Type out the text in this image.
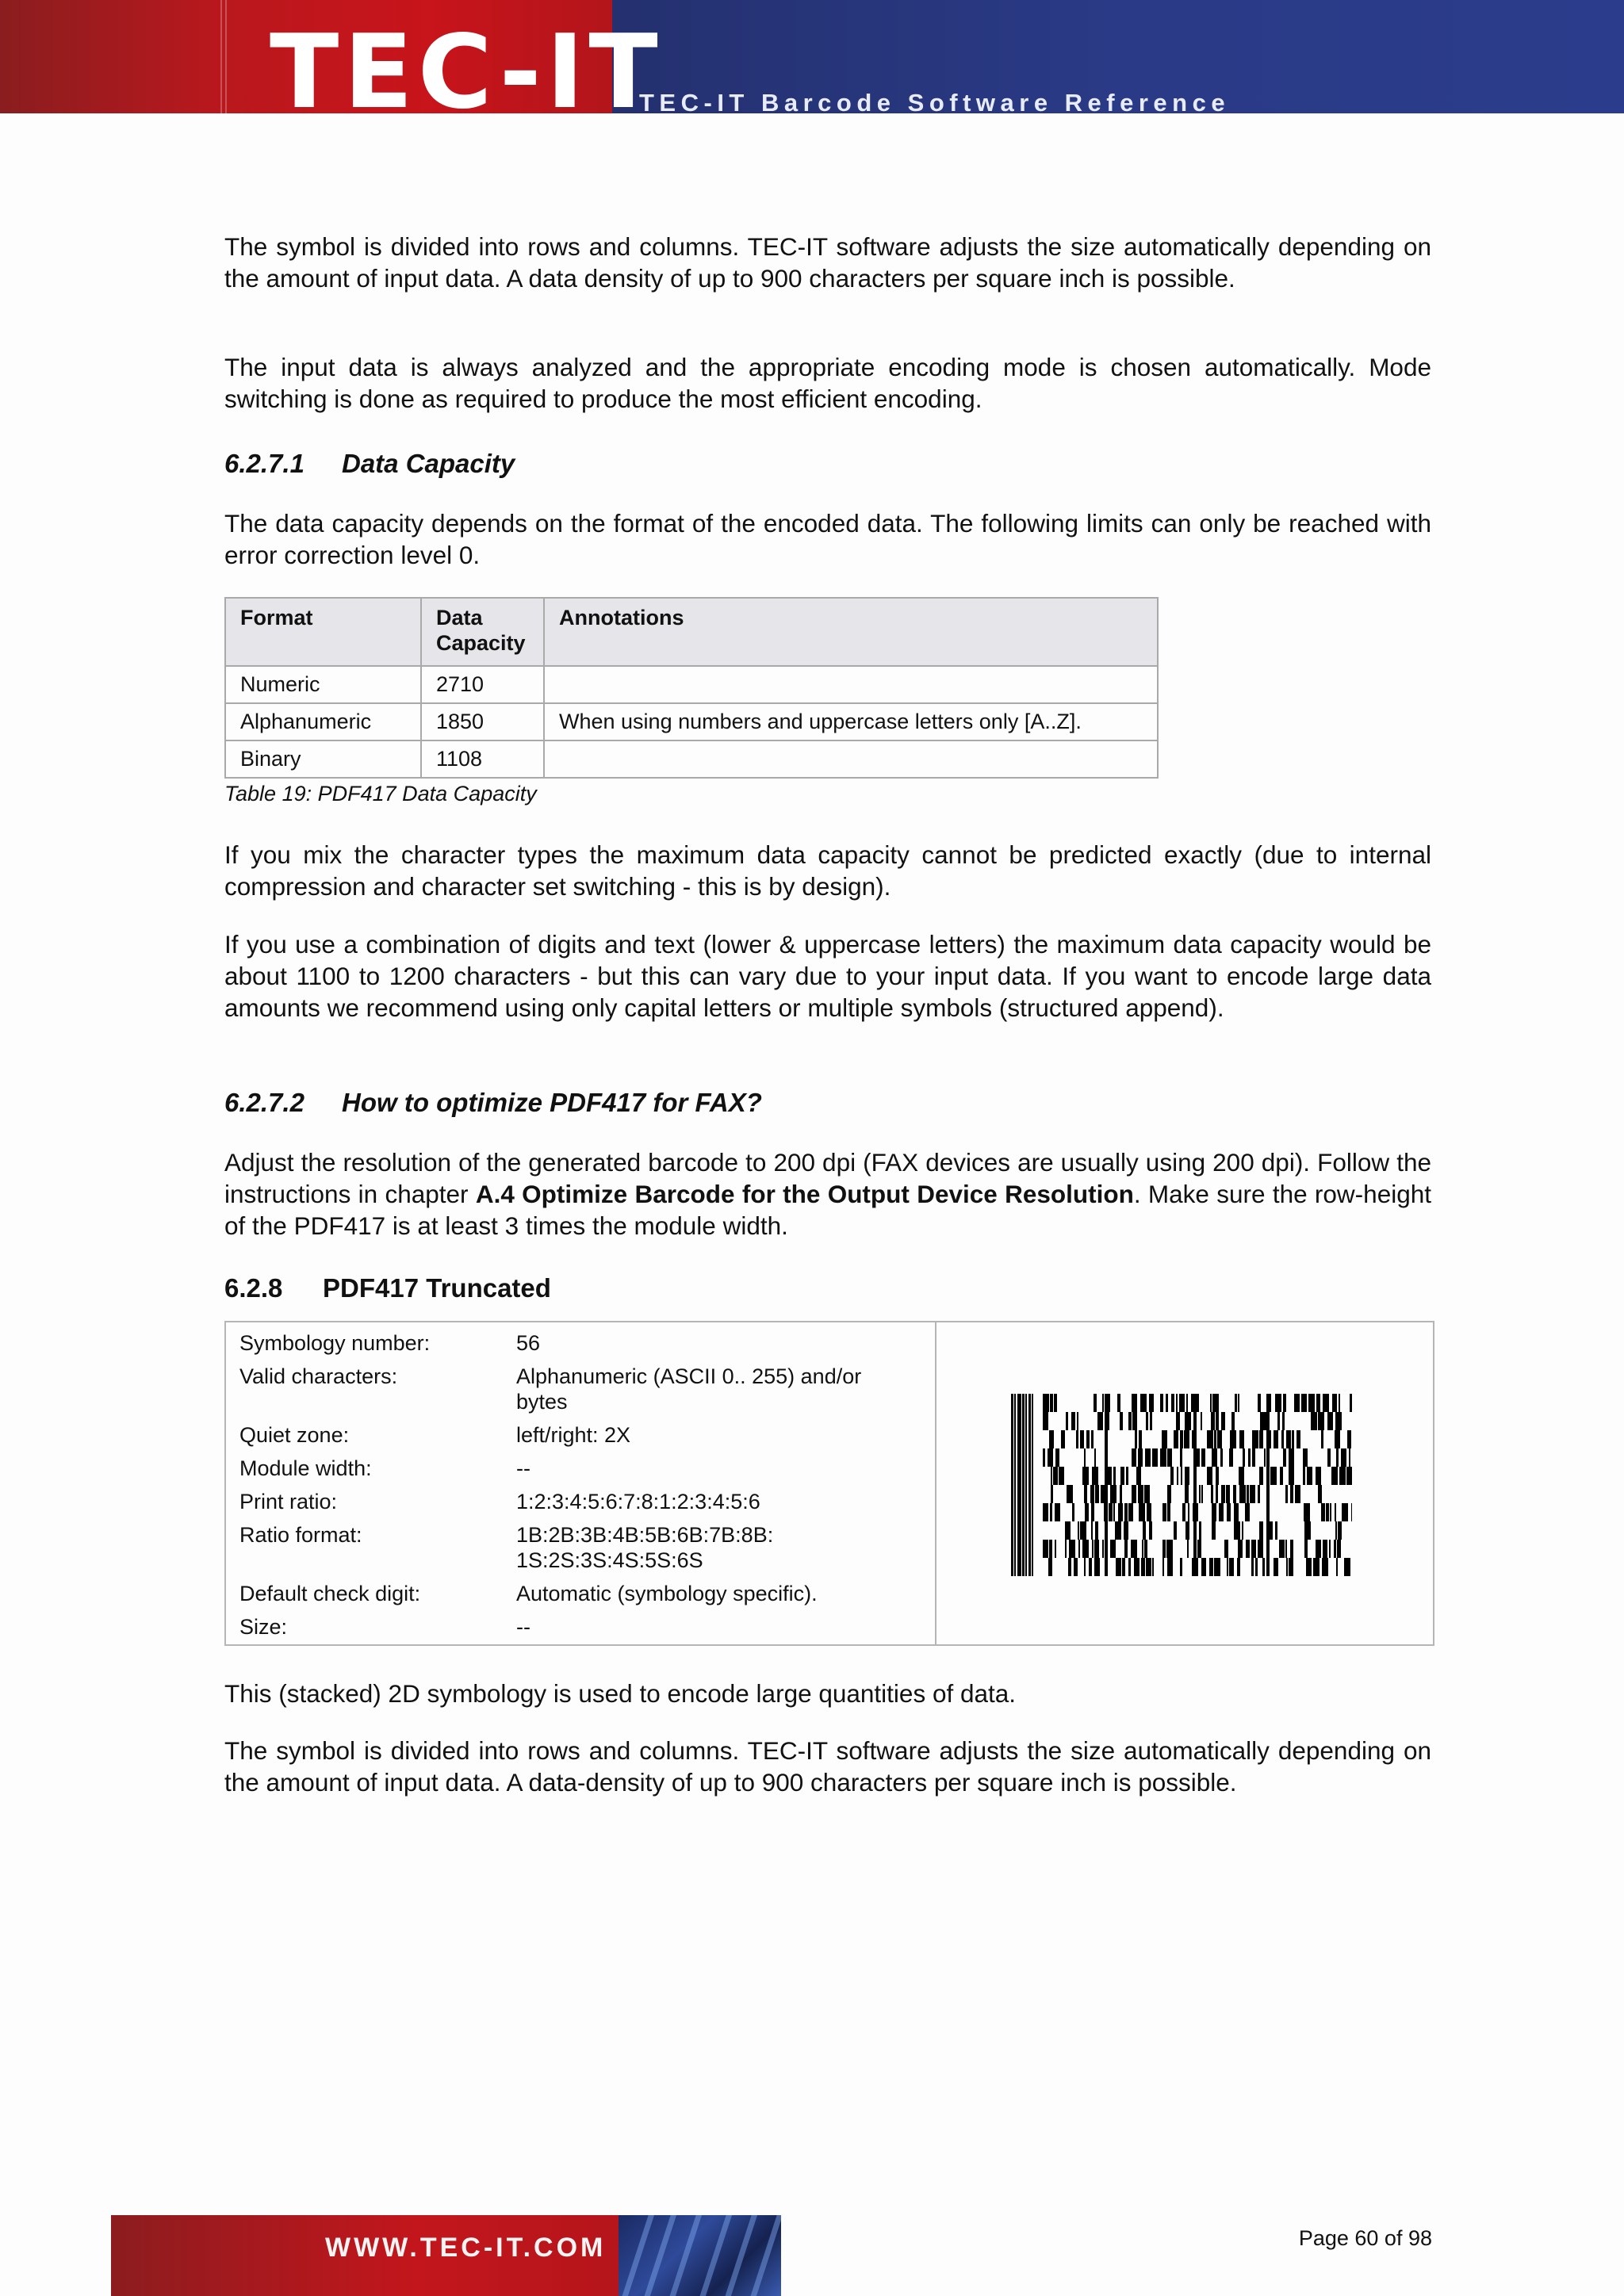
TEC-IT
TEC-IT Barcode Software Reference

The symbol is divided into rows and columns. TEC-IT software adjusts the size automatically depending on the amount of input data. A data density of up to 900 characters per square inch is possible.

The input data is always analyzed and the appropriate encoding mode is chosen automatically. Mode switching is done as required to produce the most efficient encoding.

6.2.7.1 Data Capacity

The data capacity depends on the format of the encoded data. The following limits can only be reached with error correction level 0.

Format	Data Capacity	Annotations
Numeric	2710	
Alphanumeric	1850	When using numbers and uppercase letters only [A..Z].
Binary	1108	
Table 19: PDF417 Data Capacity

If you mix the character types the maximum data capacity cannot be predicted exactly (due to internal compression and character set switching - this is by design).

If you use a combination of digits and text (lower & uppercase letters) the maximum data capacity would be about 1100 to 1200 characters - but this can vary due to your input data. If you want to encode large data amounts we recommend using only capital letters or multiple symbols (structured append).

6.2.7.2 How to optimize PDF417 for FAX?

Adjust the resolution of the generated barcode to 200 dpi (FAX devices are usually using 200 dpi). Follow the instructions in chapter A.4 Optimize Barcode for the Output Device Resolution. Make sure the row-height of the PDF417 is at least 3 times the module width.

6.2.8 PDF417 Truncated
Symbology number:	56
Valid characters:	Alphanumeric (ASCII 0.. 255) and/or bytes
Quiet zone:	left/right: 2X
Module width:	--
Print ratio:	1:2:3:4:5:6:7:8:1:2:3:4:5:6
Ratio format:	1B:2B:3B:4B:5B:6B:7B:8B: 1S:2S:3S:4S:5S:6S
Default check digit:	Automatic (symbology specific).
Size:	--

This (stacked) 2D symbology is used to encode large quantities of data.

The symbol is divided into rows and columns. TEC-IT software adjusts the size automatically depending on the amount of input data. A data-density of up to 900 characters per square inch is possible.

WWW.TEC-IT.COM	Page 60 of 98
